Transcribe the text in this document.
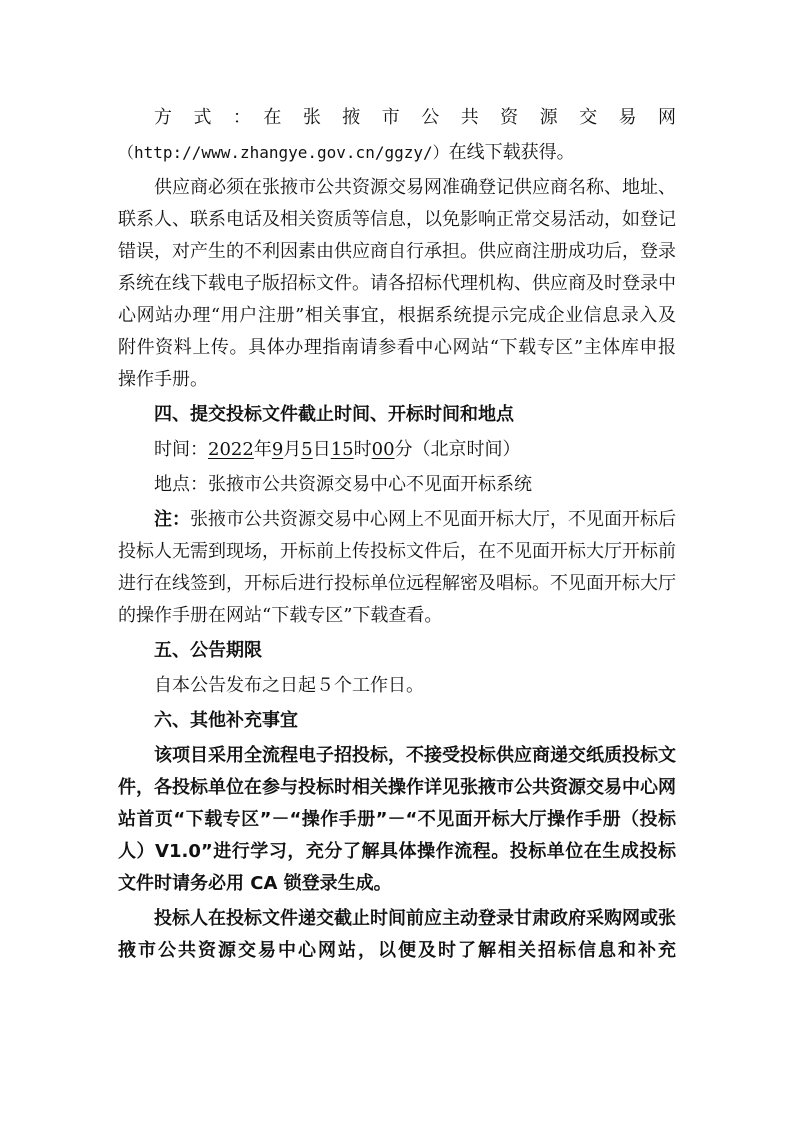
方　式　：　在　张　掖　市　公　共　资　源　交　易　网

（http://www.zhangye.gov.cn/ggzy/）在线下载获得。

供应商必须在张掖市公共资源交易网准确登记供应商名称、地址、联系人、联系电话及相关资质等信息，以免影响正常交易活动，如登记错误，对产生的不利因素由供应商自行承担。供应商注册成功后，登录系统在线下载电子版招标文件。请各招标代理机构、供应商及时登录中心网站办理“用户注册”相关事宜，根据系统提示完成企业信息录入及附件资料上传。具体办理指南请参看中心网站“下载专区”主体库申报操作手册。

四、提交投标文件截止时间、开标时间和地点

时间：2022年9月5日15时00分（北京时间）

地点：张掖市公共资源交易中心不见面开标系统

注：张掖市公共资源交易中心网上不见面开标大厅，不见面开标后投标人无需到现场，开标前上传投标文件后，在不见面开标大厅开标前进行在线签到，开标后进行投标单位远程解密及唱标。不见面开标大厅的操作手册在网站“下载专区”下载查看。

五、公告期限

自本公告发布之日起５个工作日。

六、其他补充事宜

该项目采用全流程电子招投标，不接受投标供应商递交纸质投标文件，各投标单位在参与投标时相关操作详见张掖市公共资源交易中心网站首页“下载专区”－“操作手册”－“不见面开标大厅操作手册（投标人）V1.0”进行学习，充分了解具体操作流程。投标单位在生成投标文件时请务必用 CA 锁登录生成。

投标人在投标文件递交截止时间前应主动登录甘肃政府采购网或张掖市公共资源交易中心网站，以便及时了解相关招标信息和补充
